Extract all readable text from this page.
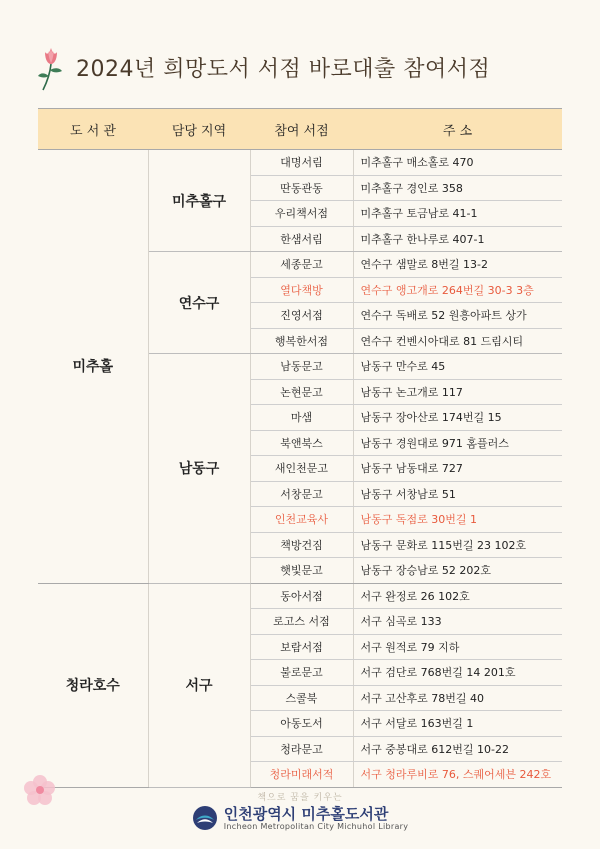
2024년 희망도서 서점 바로대출 참여서점
도 서 관	담당 지역	참여 서점	주 소
미추홀	미추홀구	대명서림	미추홀구 매소홀로 470
		딴동관동	미추홀구 경인로 358
		우리책서점	미추홀구 토금남로 41-1
		한샘서림	미추홀구 한나루로 407-1
	연수구	세종문고	연수구 샘말로 8번길 13-2
		열다책방	연수구 앵고개로 264번길 30-3 3층
		진영서점	연수구 독배로 52 원흥아파트 상가
		행복한서점	연수구 컨벤시아대로 81 드림시티
	남동구	남동문고	남동구 만수로 45
		논현문고	남동구 논고개로 117
		마샘	남동구 장아산로 174번길 15
		북앤북스	남동구 경원대로 971 홈플러스
		새인천문고	남동구 남동대로 727
		서창문고	남동구 서창남로 51
		인천교육사	남동구 독점로 30번길 1
		책방건짐	남동구 문화로 115번길 23 102호
		햇빛문고	남동구 장승남로 52 202호
청라호수	서구	동아서점	서구 완정로 26 102호
		로고스 서점	서구 심곡로 133
		보람서점	서구 원적로 79 지하
		불로문고	서구 검단로 768번길 14 201호
		스콜북	서구 고산후로 78번길 40
		아동도서	서구 서달로 163번길 1
		청라문고	서구 중봉대로 612번길 10-22
		청라미래서적	서구 청라루비로 76, 스퀘어세븐 242호
책으로 꿈을 키우는
인천광역시 미추홀도서관
Incheon Metropolitan City Michuhol Library
